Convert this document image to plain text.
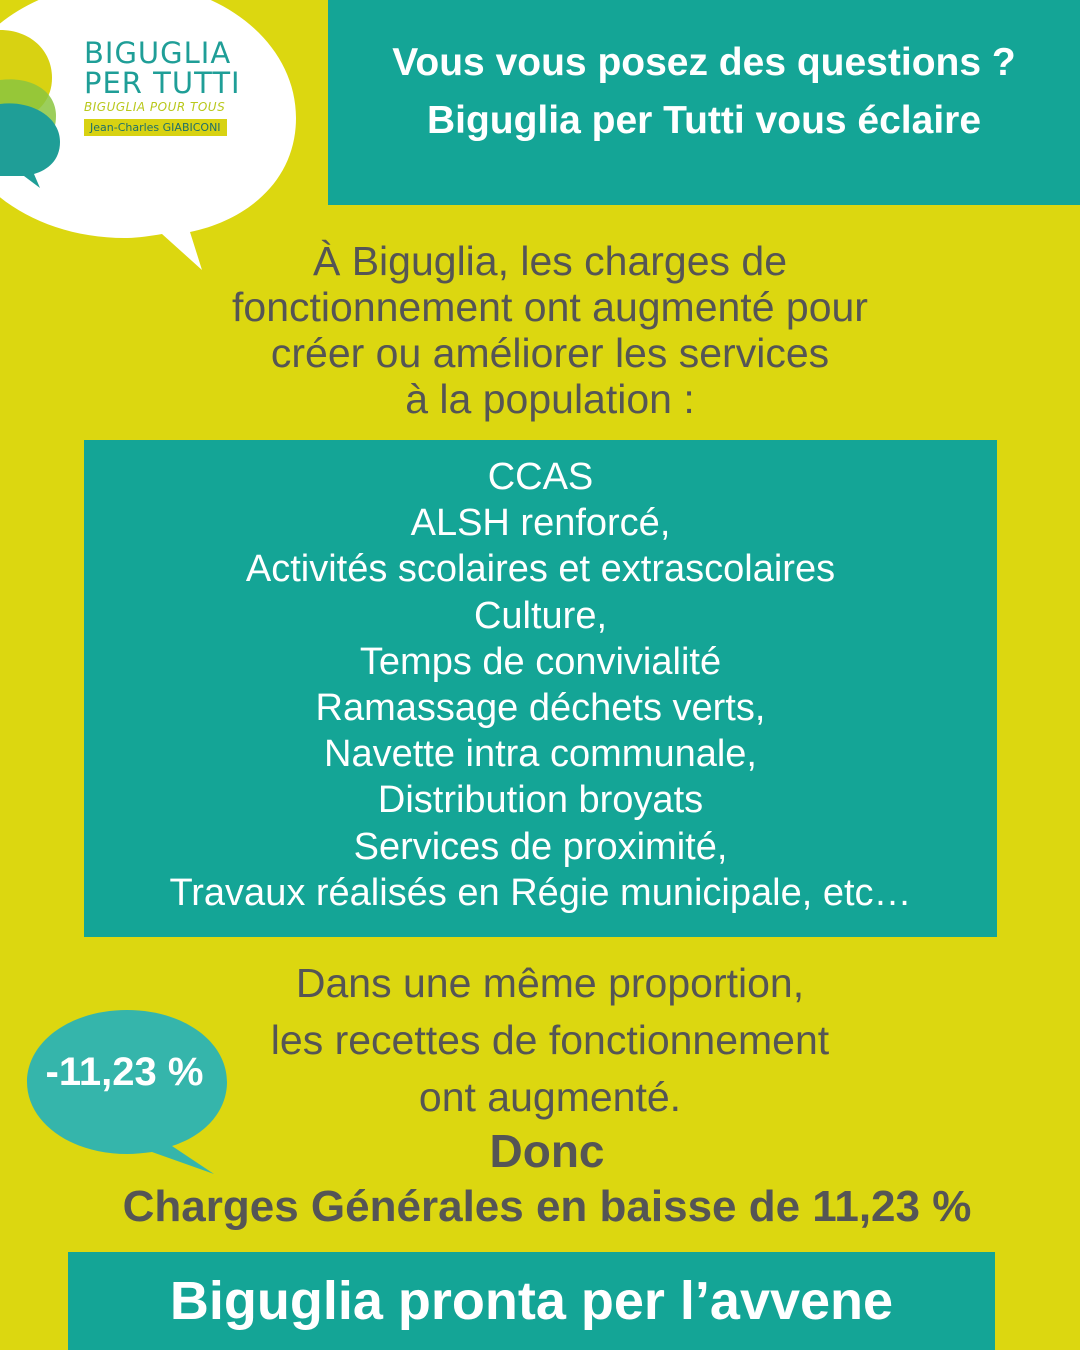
BIGUGLIA
PER TUTTI
BIGUGLIA POUR TOUS
Jean-Charles GIABICONI
Vous vous posez des questions ?
Biguglia per Tutti vous éclaire
À Biguglia, les charges de
fonctionnement ont augmenté pour
créer ou améliorer les services
à la population :
CCAS
ALSH renforcé,
Activités scolaires et extrascolaires
Culture,
Temps de convivialité
Ramassage déchets verts,
Navette intra communale,
Distribution broyats
Services de proximité,
Travaux réalisés en Régie municipale, etc…
Dans une même proportion,
les recettes de fonctionnement
ont augmenté.
-11,23 %
Donc
Charges Générales en baisse de 11,23 %
Biguglia pronta per l’avvene
